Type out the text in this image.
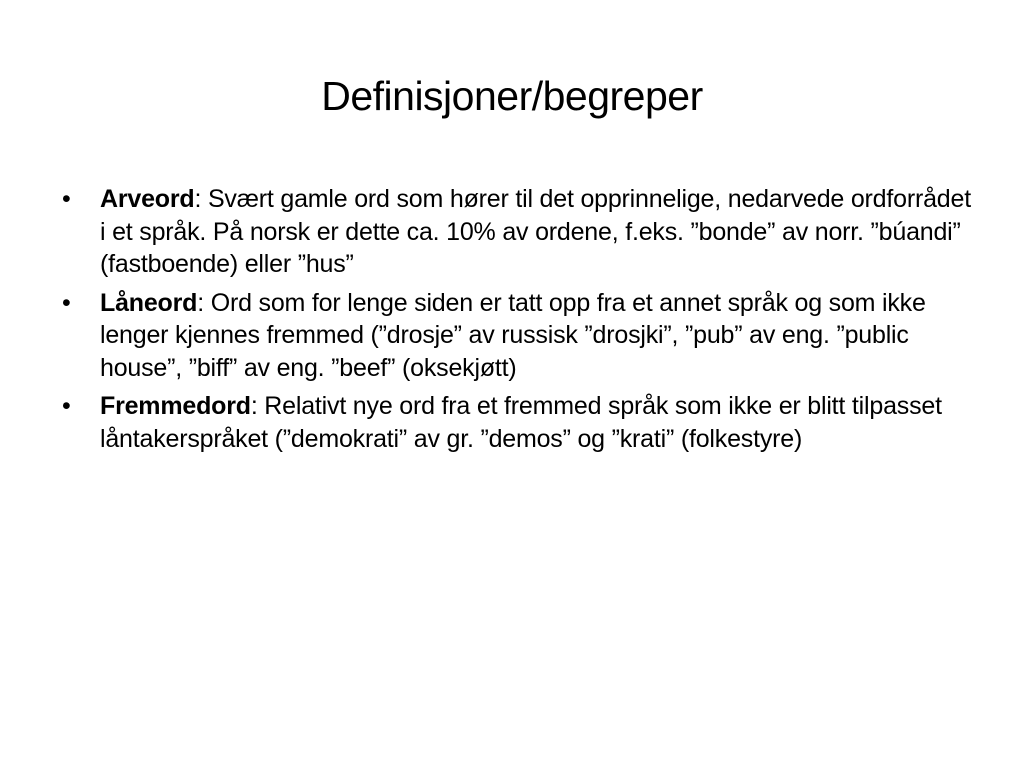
Definisjoner/begreper
• Arveord: Svært gamle ord som hører til det opprinnelige, nedarvede ordforrådet i et språk. På norsk er dette ca. 10% av ordene, f.eks. ”bonde” av norr. ”búandi” (fastboende) eller ”hus”
• Låneord: Ord som for lenge siden er tatt opp fra et annet språk og som ikke lenger kjennes fremmed (”drosje” av russisk ”drosjki”, ”pub” av eng. ”public house”, ”biff” av eng. ”beef” (oksekjøtt)
• Fremmedord: Relativt nye ord fra et fremmed språk som ikke er blitt tilpasset låntakerspråket (”demokrati” av gr. ”demos” og ”krati” (folkestyre)
